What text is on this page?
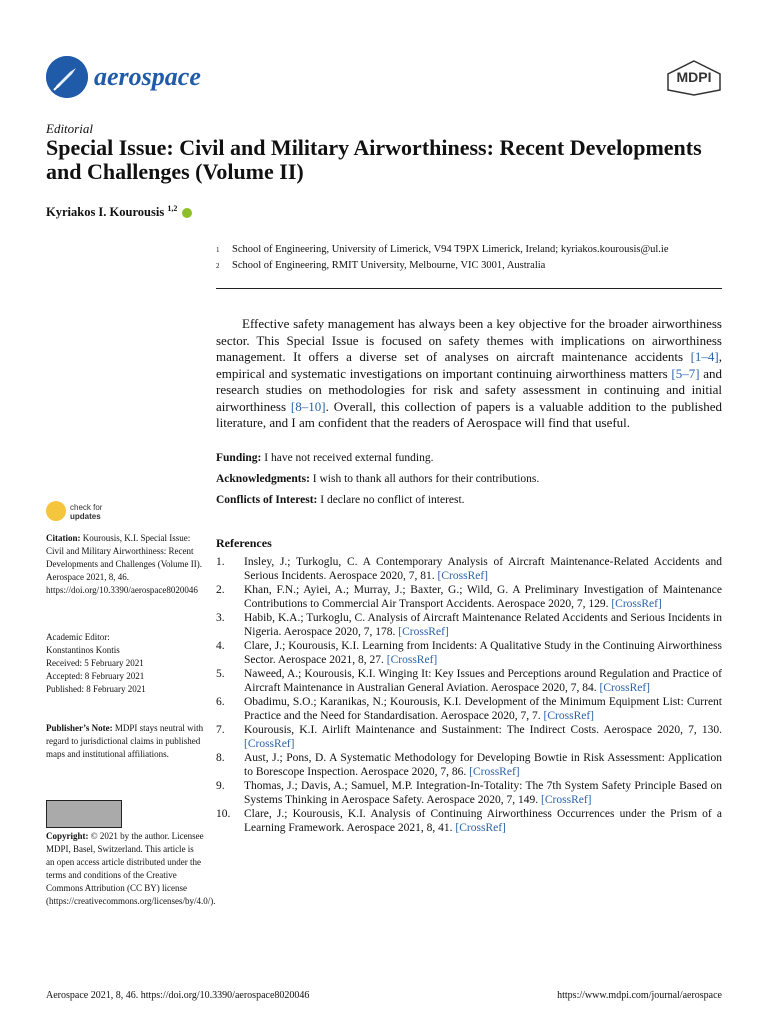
aerospace	MDPI
Editorial
Special Issue: Civil and Military Airworthiness: Recent Developments and Challenges (Volume II)
Kyriakos I. Kourousis $^{1,2}$
1 School of Engineering, University of Limerick, V94 T9PX Limerick, Ireland; kyriakos.kourousis@ul.ie
2 School of Engineering, RMIT University, Melbourne, VIC 3001, Australia

Effective safety management has always been a key objective for the broader airworthiness sector. This Special Issue is focused on safety themes with implications on airworthiness management. It offers a diverse set of analyses on aircraft maintenance accidents [1–4], empirical and systematic investigations on important continuing airworthiness matters [5–7] and research studies on methodologies for risk and safety assessment in continuing and initial airworthiness [8–10]. Overall, this collection of papers is a valuable addition to the published literature, and I am confident that the readers of Aerospace will find that useful.

Funding: I have not received external funding.
Acknowledgments: I wish to thank all authors for their contributions.
Conflicts of Interest: I declare no conflict of interest.
References
1. Insley, J.; Turkoglu, C. A Contemporary Analysis of Aircraft Maintenance-Related Accidents and Serious Incidents. Aerospace 2020, 7, 81. [CrossRef]
2. Khan, F.N.; Ayiei, A.; Murray, J.; Baxter, G.; Wild, G. A Preliminary Investigation of Maintenance Contributions to Commercial Air Transport Accidents. Aerospace 2020, 7, 129. [CrossRef]
3. Habib, K.A.; Turkoglu, C. Analysis of Aircraft Maintenance Related Accidents and Serious Incidents in Nigeria. Aerospace 2020, 7, 178. [CrossRef]
4. Clare, J.; Kourousis, K.I. Learning from Incidents: A Qualitative Study in the Continuing Airworthiness Sector. Aerospace 2021, 8, 27. [CrossRef]
5. Naweed, A.; Kourousis, K.I. Winging It: Key Issues and Perceptions around Regulation and Practice of Aircraft Maintenance in Australian General Aviation. Aerospace 2020, 7, 84. [CrossRef]
6. Obadimu, S.O.; Karanikas, N.; Kourousis, K.I. Development of the Minimum Equipment List: Current Practice and the Need for Standardisation. Aerospace 2020, 7, 7. [CrossRef]
7. Kourousis, K.I. Airlift Maintenance and Sustainment: The Indirect Costs. Aerospace 2020, 7, 130. [CrossRef]
8. Aust, J.; Pons, D. A Systematic Methodology for Developing Bowtie in Risk Assessment: Application to Borescope Inspection. Aerospace 2020, 7, 86. [CrossRef]
9. Thomas, J.; Davis, A.; Samuel, M.P. Integration-In-Totality: The 7th System Safety Principle Based on Systems Thinking in Aerospace Safety. Aerospace 2020, 7, 149. [CrossRef]
10. Clare, J.; Kourousis, K.I. Analysis of Continuing Airworthiness Occurrences under the Prism of a Learning Framework. Aerospace 2021, 8, 41. [CrossRef]
check for
updates
Citation: Kourousis, K.I. Special Issue: Civil and Military Airworthiness: Recent Developments and Challenges (Volume II). Aerospace 2021, 8, 46. https://doi.org/10.3390/aerospace8020046
Academic Editor:
Konstantinos Kontis
Received: 5 February 2021
Accepted: 8 February 2021
Published: 8 February 2021
Publisher’s Note: MDPI stays neutral with regard to jurisdictional claims in published maps and institutional affiliations.
Copyright: © 2021 by the author. Licensee MDPI, Basel, Switzerland. This article is an open access article distributed under the terms and conditions of the Creative Commons Attribution (CC BY) license (https://creativecommons.org/licenses/by/4.0/).
Aerospace 2021, 8, 46. https://doi.org/10.3390/aerospace8020046	https://www.mdpi.com/journal/aerospace
